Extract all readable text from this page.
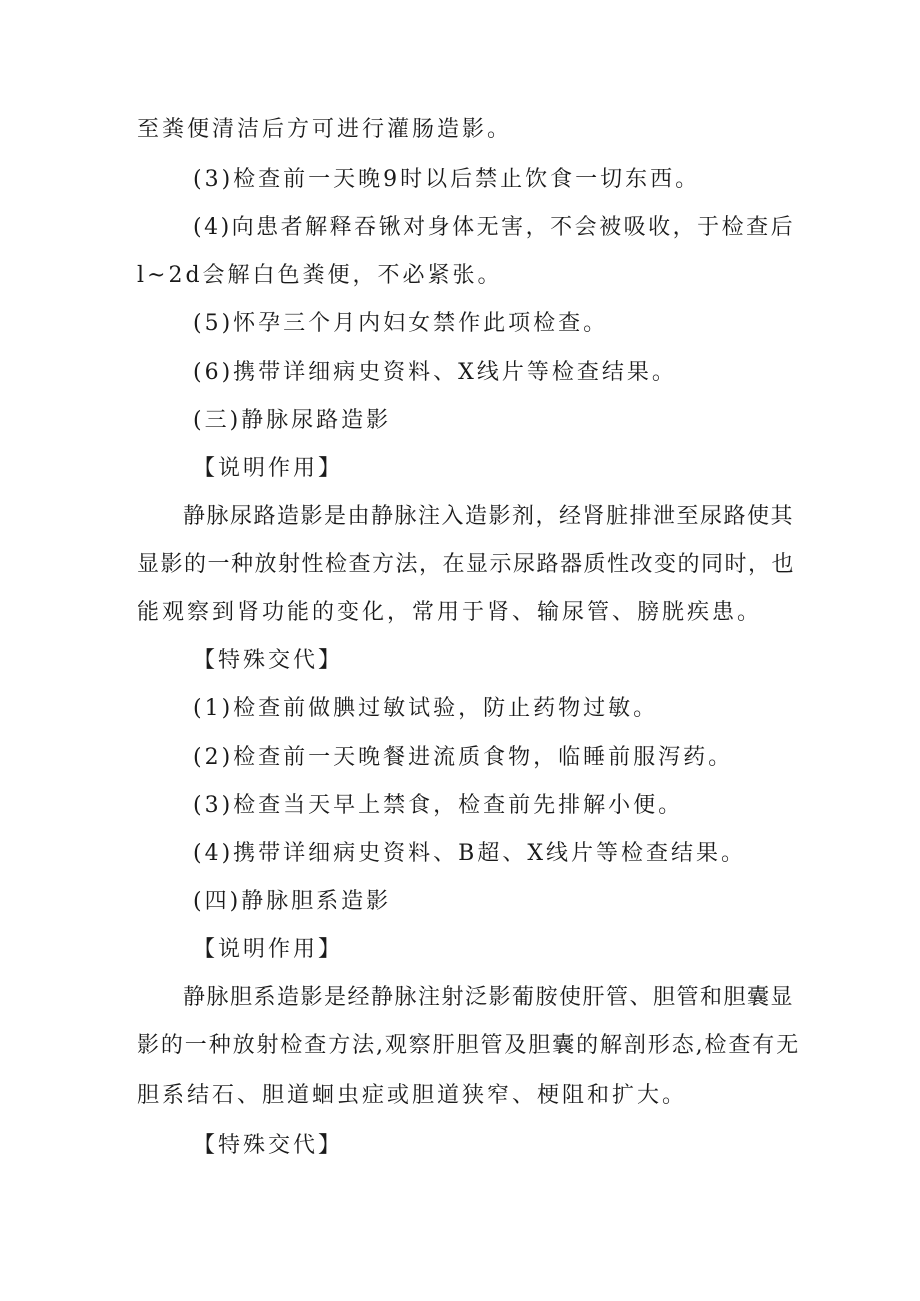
至粪便清洁后方可进行灌肠造影。
(3)检查前一天晚9时以后禁止饮食一切东西。
(4)向患者解释吞锹对身体无害，不会被吸收，于检查后
l~2d会解白色粪便，不必紧张。
(5)怀孕三个月内妇女禁作此项检查。
(6)携带详细病史资料、X线片等检查结果。
(三)静脉尿路造影
【说明作用】
静脉尿路造影是由静脉注入造影剂，经肾脏排泄至尿路使其
显影的一种放射性检查方法，在显示尿路器质性改变的同时，也
能观察到肾功能的变化，常用于肾、输尿管、膀胱疾患。
【特殊交代】
(1)检查前做腆过敏试验，防止药物过敏。
(2)检查前一天晚餐进流质食物，临睡前服泻药。
(3)检查当天早上禁食，检查前先排解小便。
(4)携带详细病史资料、B超、X线片等检查结果。
(四)静脉胆系造影
【说明作用】
静脉胆系造影是经静脉注射泛影葡胺使肝管、胆管和胆囊显
影的一种放射检查方法,观察肝胆管及胆囊的解剖形态,检查有无
胆系结石、胆道蛔虫症或胆道狭窄、梗阻和扩大。
【特殊交代】
